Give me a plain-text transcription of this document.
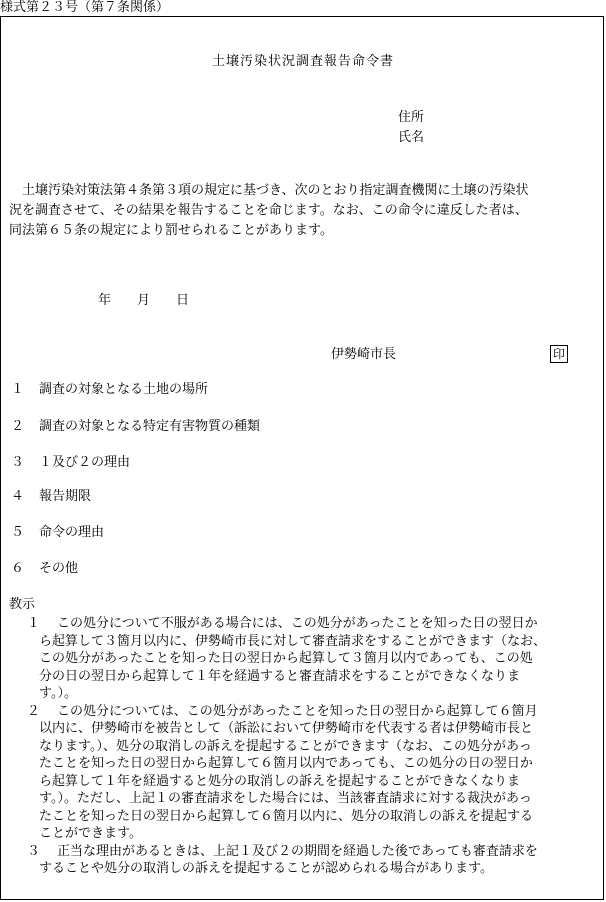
様式第２３号（第７条関係）
土壌汚染状況調査報告命令書
住所
氏名
　土壌汚染対策法第４条第３項の規定に基づき、次のとおり指定調査機関に土壌の汚染状
況を調査させて、その結果を報告することを命じます。なお、この命令に違反した者は、
同法第６５条の規定により罰せられることがあります。
年 月 日
伊勢崎市長	印
１ 調査の対象となる土地の場所
２ 調査の対象となる特定有害物質の種類
３ １及び２の理由
４ 報告期限
５ 命令の理由
６ その他
教示
１ この処分について不服がある場合には、この処分があったことを知った日の翌日か
ら起算して３箇月以内に、伊勢崎市長に対して審査請求をすることができます（なお、
この処分があったことを知った日の翌日から起算して３箇月以内であっても、この処
分の日の翌日から起算して１年を経過すると審査請求をすることができなくなりま
す。）。
２ この処分については、この処分があったことを知った日の翌日から起算して６箇月
以内に、伊勢崎市を被告として（訴訟において伊勢崎市を代表する者は伊勢崎市長と
なります。）、処分の取消しの訴えを提起することができます（なお、この処分があっ
たことを知った日の翌日から起算して６箇月以内であっても、この処分の日の翌日か
ら起算して１年を経過すると処分の取消しの訴えを提起することができなくなりま
す。）。ただし、上記１の審査請求をした場合には、当該審査請求に対する裁決があっ
たことを知った日の翌日から起算して６箇月以内に、処分の取消しの訴えを提起する
ことができます。
３ 正当な理由があるときは、上記１及び２の期間を経過した後であっても審査請求を
することや処分の取消しの訴えを提起することが認められる場合があります。
